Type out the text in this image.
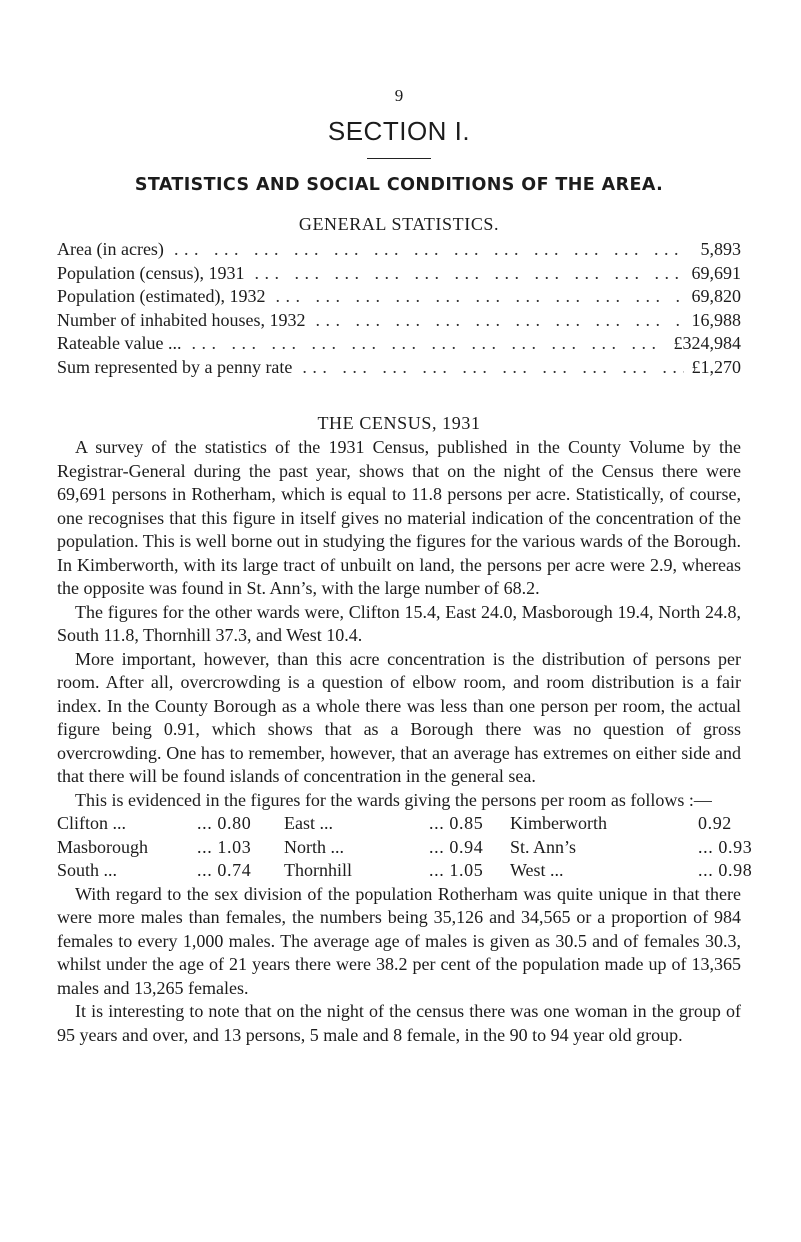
9
SECTION I.
STATISTICS AND SOCIAL CONDITIONS OF THE AREA.
GENERAL STATISTICS.
Area (in acres) ... .	5,893
Population (census), 1931 ... .	69,691
Population (estimated), 1932 ... .	69,820
Number of inhabited houses, 1932 ... .	16,988
Rateable value ... ... .	£324,984
Sum represented by a penny rate ... .	£1,270
THE CENSUS, 1931

A survey of the statistics of the 1931 Census, published in the County Volume by the Registrar-General during the past year, shows that on the night of the Census there were 69,691 persons in Rotherham, which is equal to 11.8 persons per acre. Statistically, of course, one recognises that this figure in itself gives no material indication of the concentration of the population. This is well borne out in studying the figures for the various wards of the Borough. In Kimberworth, with its large tract of unbuilt on land, the persons per acre were 2.9, whereas the opposite was found in St. Ann’s, with the large number of 68.2.

The figures for the other wards were, Clifton 15.4, East 24.0, Masborough 19.4, North 24.8, South 11.8, Thornhill 37.3, and West 10.4.

More important, however, than this acre concentration is the distribution of persons per room. After all, overcrowding is a question of elbow room, and room distribution is a fair index. In the County Borough as a whole there was less than one person per room, the actual figure being 0.91, which shows that as a Borough there was no question of gross overcrowding. One has to remember, however, that an average has extremes on either side and that there will be found islands of concentration in the general sea.

This is evidenced in the figures for the wards giving the persons per room as follows :—

Clifton ...	... 0.80 East ...	... 0.85 Kimberworth	0.92
Masborough	... 1.03 North ...	... 0.94 St. Ann’s	... 0.93
South ...	... 0.74 Thornhill	... 1.05 West ...	... 0.98

With regard to the sex division of the population Rotherham was quite unique in that there were more males than females, the numbers being 35,126 and 34,565 or a proportion of 984 females to every 1,000 males. The average age of males is given as 30.5 and of females 30.3, whilst under the age of 21 years there were 38.2 per cent of the population made up of 13,365 males and 13,265 females.

It is interesting to note that on the night of the census there was one woman in the group of 95 years and over, and 13 persons, 5 male and 8 female, in the 90 to 94 year old group.
